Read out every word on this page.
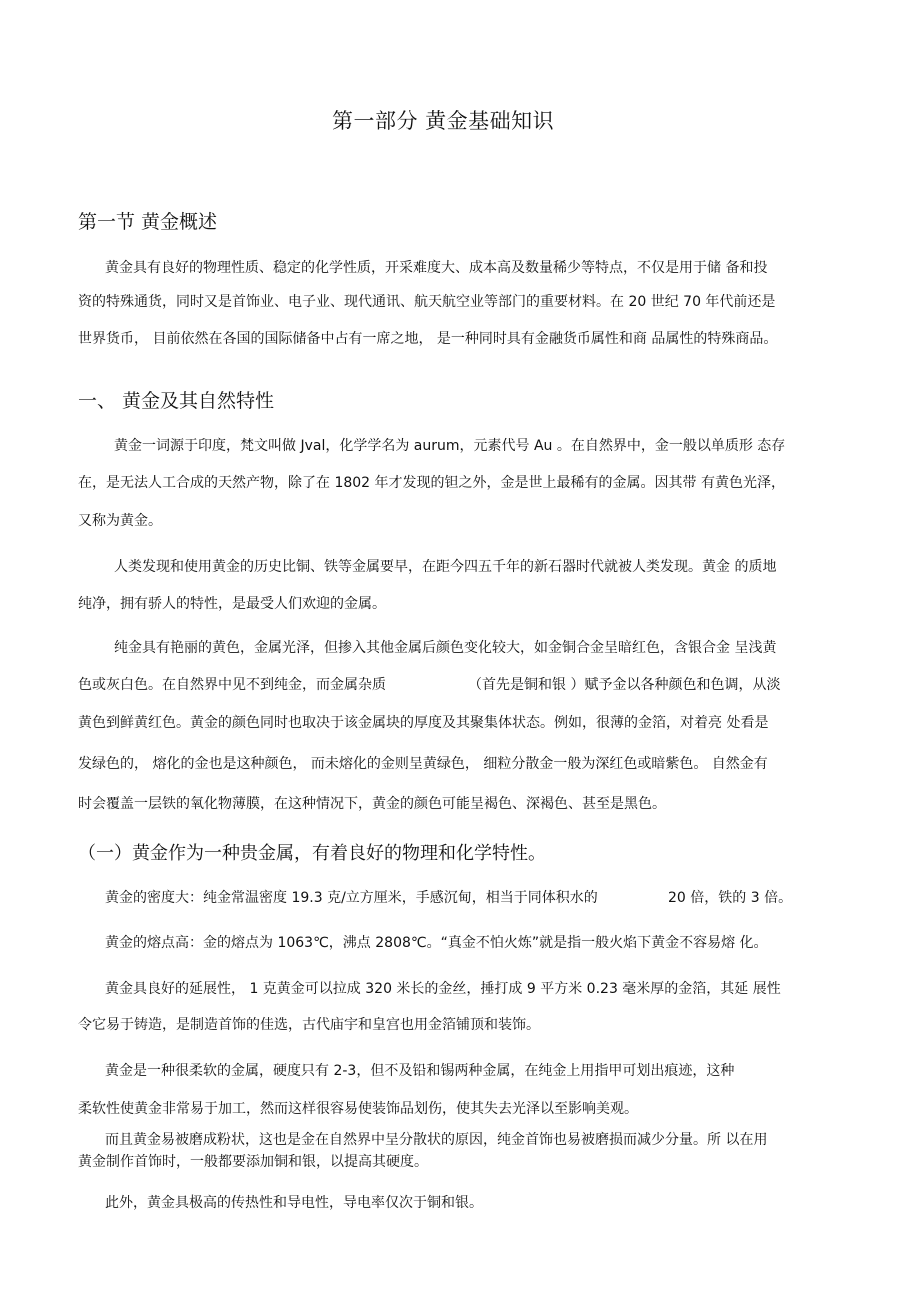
第一部分 黄金基础知识
第一节 黄金概述
黄金具有良好的物理性质、稳定的化学性质，开采难度大、成本高及数量稀少等特点，不仅是用于储 备和投
资的特殊通货，同时又是首饰业、电子业、现代通讯、航天航空业等部门的重要材料。在 20 世纪 70 年代前还是
世界货币， 目前依然在各国的国际储备中占有一席之地， 是一种同时具有金融货币属性和商 品属性的特殊商品。
一、 黄金及其自然特性
黄金一词源于印度，梵文叫做 Jval，化学学名为 aurum，元素代号 Au 。在自然界中，金一般以单质形 态存
在，是无法人工合成的天然产物，除了在 1802 年才发现的钽之外，金是世上最稀有的金属。因其带 有黄色光泽，
又称为黄金。
人类发现和使用黄金的历史比铜、铁等金属要早，在距今四五千年的新石器时代就被人类发现。黄金 的质地
纯净，拥有骄人的特性，是最受人们欢迎的金属。
纯金具有艳丽的黄色，金属光泽，但掺入其他金属后颜色变化较大，如金铜合金呈暗红色，含银合金 呈浅黄
色或灰白色。在自然界中见不到纯金，而金属杂质	（首先是铜和银 ）赋予金以各种颜色和色调，从淡
黄色到鲜黄红色。黄金的颜色同时也取决于该金属块的厚度及其聚集体状态。例如，很薄的金箔，对着亮 处看是
发绿色的， 熔化的金也是这种颜色， 而未熔化的金则呈黄绿色， 细粒分散金一般为深红色或暗紫色。 自然金有
时会覆盖一层铁的氧化物薄膜，在这种情况下，黄金的颜色可能呈褐色、深褐色、甚至是黑色。
（一）黄金作为一种贵金属，有着良好的物理和化学特性。
黄金的密度大：纯金常温密度 19.3 克/立方厘米，手感沉甸，相当于同体积水的	20 倍，铁的 3 倍。
黄金的熔点高：金的熔点为 1063℃，沸点 2808℃。“真金不怕火炼”就是指一般火焰下黄金不容易熔 化。
黄金具良好的延展性， 1 克黄金可以拉成 320 米长的金丝，捶打成 9 平方米 0.23 毫米厚的金箔，其延 展性
令它易于铸造，是制造首饰的佳选，古代庙宇和皇宫也用金箔铺顶和装饰。
黄金是一种很柔软的金属，硬度只有 2-3，但不及铅和锡两种金属，在纯金上用指甲可划出痕迹，这种
柔软性使黄金非常易于加工，然而这样很容易使装饰品划伤，使其失去光泽以至影响美观。
而且黄金易被磨成粉状，这也是金在自然界中呈分散状的原因，纯金首饰也易被磨损而减少分量。所 以在用
黄金制作首饰时，一般都要添加铜和银，以提高其硬度。
此外，黄金具极高的传热性和导电性，导电率仅次于铜和银。
